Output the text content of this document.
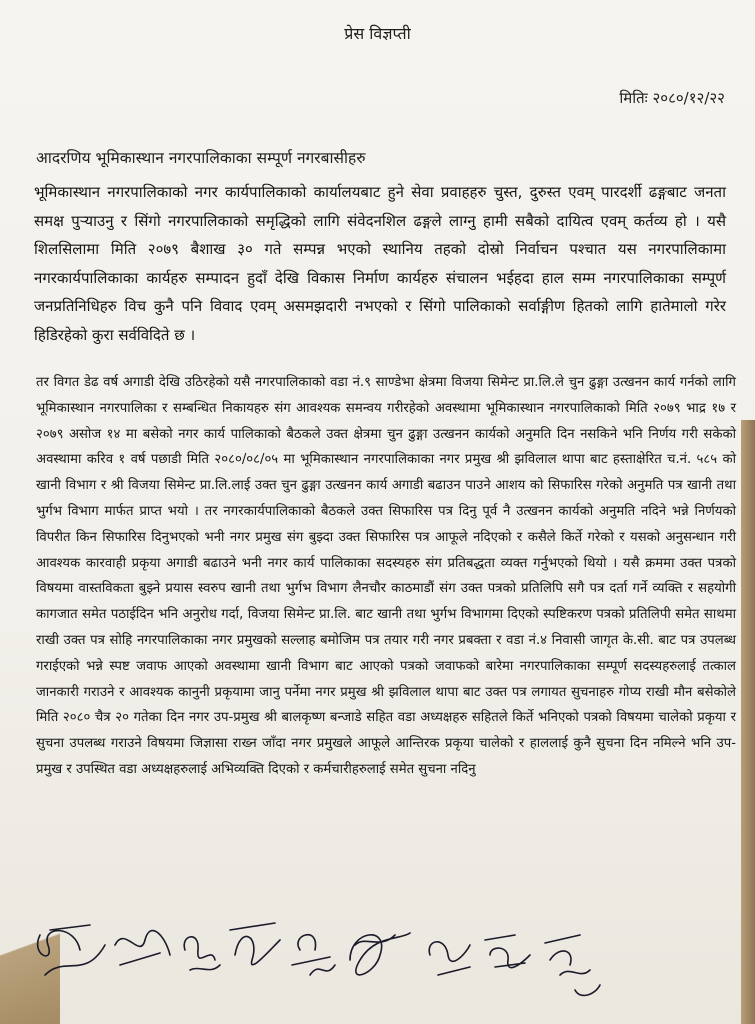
प्रेस विज्ञप्ती
मितिः २०८०/१२/२२
आदरणिय भूमिकास्थान नगरपालिकाका सम्पूर्ण नगरबासीहरु

भूमिकास्थान नगरपालिकाको नगर कार्यपालिकाको कार्यालयबाट हुने सेवा प्रवाहहरु चुस्त, दुरुस्त एवम् पारदर्शी ढङ्गबाट जनता समक्ष पुऱ्याउनु र सिंगो नगरपालिकाको समृद्धिको लागि संवेदनशिल ढङ्गले लाग्नु हामी सबैको दायित्व एवम् कर्तव्य हो । यसै शिलसिलामा मिति २०७९ बैशाख ३० गते सम्पन्न भएको स्थानिय तहको दोस्रो निर्वाचन पश्चात यस नगरपालिकामा नगरकार्यपालिकाका कार्यहरु सम्पादन हुदाँ देखि विकास निर्माण कार्यहरु संचालन भईहदा हाल सम्म नगरपालिकाका सम्पूर्ण जनप्रतिनिधिहरु विच कुनै पनि विवाद एवम् असमझदारी नभएको र सिंगो पालिकाको सर्वाङ्गीण हितको लागि हातेमालो गरेर हिडिरहेको कुरा सर्वविदिते छ ।

तर विगत डेढ वर्ष अगाडी देखि उठिरहेको यसै नगरपालिकाको वडा नं.९ साण्डेभा क्षेत्रमा विजया सिमेन्ट प्रा.लि.ले चुन ढुङ्गा उत्खनन कार्य गर्नको लागि भूमिकास्थान नगरपालिका र सम्बन्धित निकायहरु संग आवश्यक समन्वय गरीरहेको अवस्थामा भूमिकास्थान नगरपालिकाको मिति २०७९ भाद्र १७ र २०७९ असोज १४ मा बसेको नगर कार्य पालिकाको बैठकले उक्त क्षेत्रमा चुन ढुङ्गा उत्खनन कार्यको अनुमति दिन नसकिने भनि निर्णय गरी सकेको अवस्थामा करिव १ वर्ष पछाडी मिति २०८०/०८/०५ मा भूमिकास्थान नगरपालिकाका नगर प्रमुख श्री झविलाल थापा बाट हस्ताक्षेरित च.नं. ५८५ को खानी विभाग र श्री विजया सिमेन्ट प्रा.लि.लाई उक्त चुन ढुङ्गा उत्खनन कार्य अगाडी बढाउन पाउने आशय को सिफारिस गरेको अनुमति पत्र खानी तथा भुर्गभ विभाग मार्फत प्राप्त भयो । तर नगरकार्यपालिकाको बैठकले उक्त सिफारिस पत्र दिनु पूर्व नै उत्खनन कार्यको अनुमति नदिने भन्ने निर्णयको विपरीत किन सिफारिस दिनुभएको भनी नगर प्रमुख संग बुझ्दा उक्त सिफारिस पत्र आफूले नदिएको र कसैले किर्ते गरेको र यसको अनुसन्धान गरी आवश्यक कारवाही प्रकृया अगाडी बढाउने भनी नगर कार्य पालिकाका सदस्यहरु संग प्रतिबद्धता व्यक्त गर्नुभएको थियो । यसै क्रममा उक्त पत्रको विषयमा वास्तविकता बुझ्ने प्रयास स्वरुप खानी तथा भुर्गभ विभाग लैनचौर काठमाडौं संग उक्त पत्रको प्रतिलिपि सगै पत्र दर्ता गर्ने व्यक्ति र सहयोगी कागजात समेत पठाईदिन भनि अनुरोध गर्दा, विजया सिमेन्ट प्रा.लि. बाट खानी तथा भुर्गभ विभागमा दिएको स्पष्टिकरण पत्रको प्रतिलिपी समेत साथमा राखी उक्त पत्र सोहि नगरपालिकाका नगर प्रमुखको सल्लाह बमोजिम पत्र तयार गरी नगर प्रबक्ता र वडा नं.४ निवासी जागृत के.सी. बाट पत्र उपलब्ध गराईएको भन्ने स्पष्ट जवाफ आएको अवस्थामा खानी विभाग बाट आएको पत्रको जवाफको बारेमा नगरपालिकाका सम्पूर्ण सदस्यहरुलाई तत्काल जानकारी गराउने र आवश्यक कानुनी प्रकृयामा जानु पर्नेमा नगर प्रमुख श्री झविलाल थापा बाट उक्त पत्र लगायत सुचनाहरु गोप्य राखी मौन बसेकोले मिति २०८० चैत्र २० गतेका दिन नगर उप-प्रमुख श्री बालकृष्ण बन्जाडे सहित वडा अध्यक्षहरु सहितले किर्ते भनिएको पत्रको विषयमा चालेको प्रकृया र सुचना उपलब्ध गराउने विषयमा जिज्ञासा राख्न जाँदा नगर प्रमुखले आफूले आन्तिरक प्रकृया चालेको र हाललाई कुनै सुचना दिन नमिल्ने भनि उप-प्रमुख र उपस्थित वडा अध्यक्षहरुलाई अभिव्यक्ति दिएको र कर्मचारीहरुलाई समेत सुचना नदिनु
